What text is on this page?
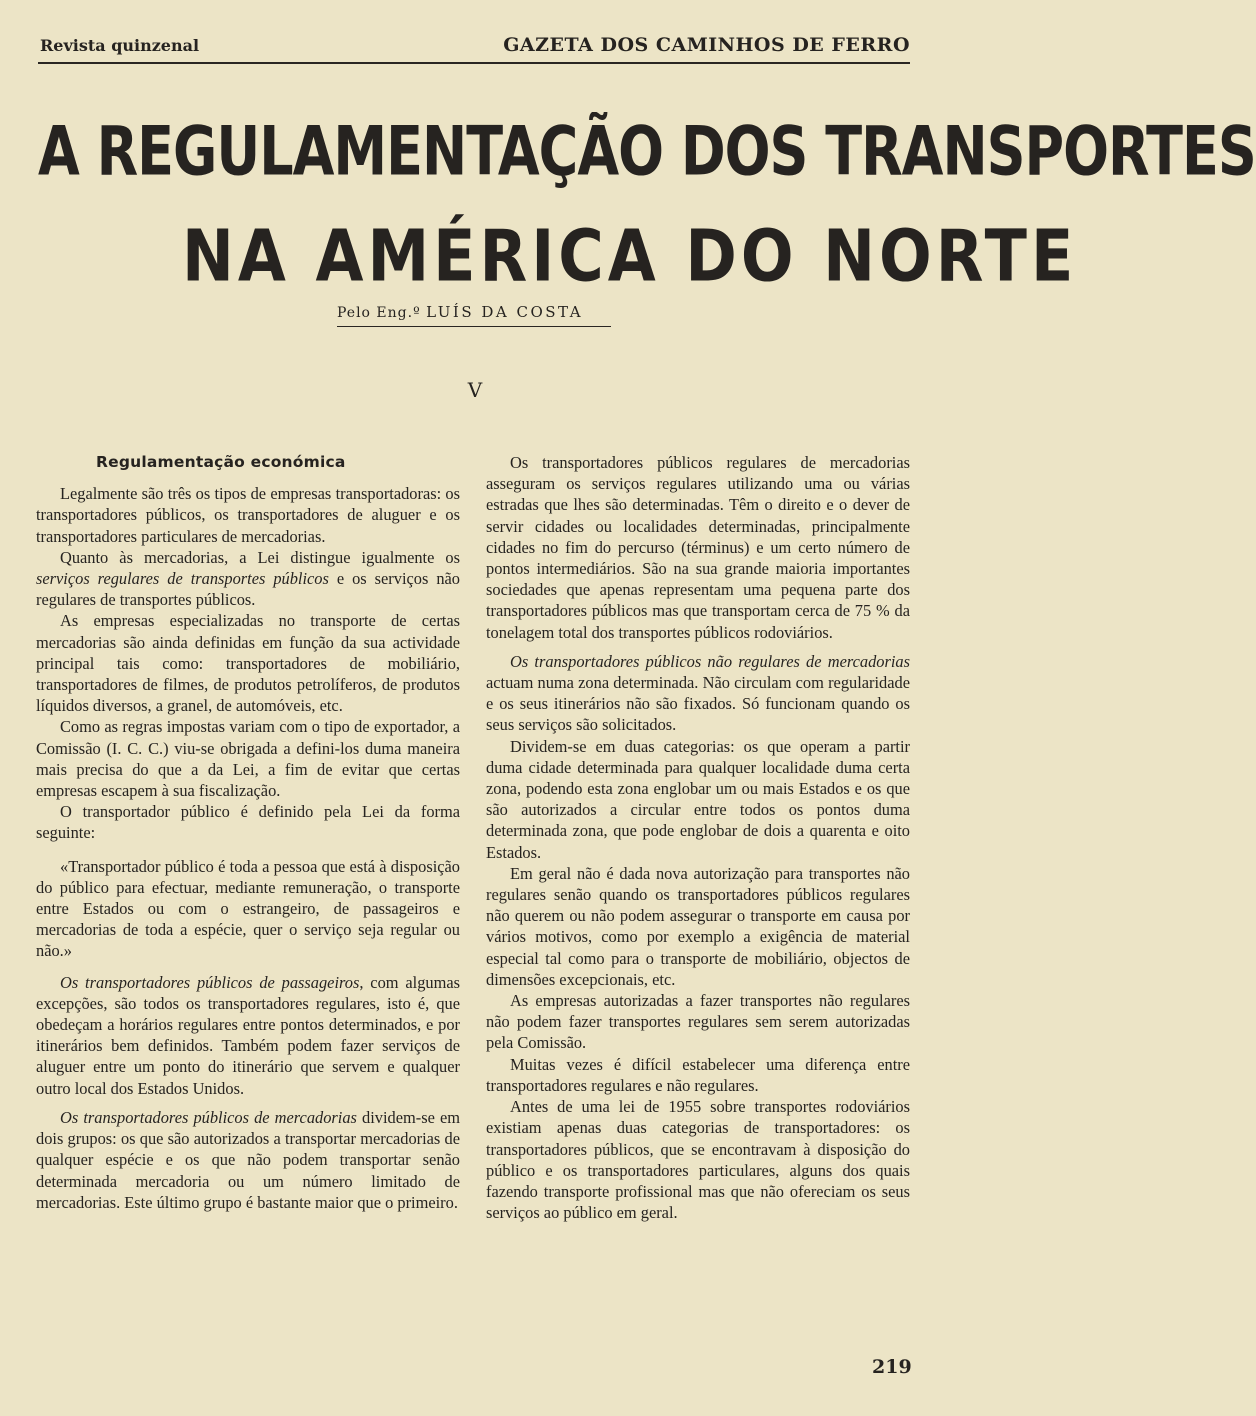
Revista quinzenal	GAZETA DOS CAMINHOS DE FERRO
A REGULAMENTAÇÃO DOS TRANSPORTES
NA AMÉRICA DO NORTE
Pelo Eng.º LUÍS DA COSTA
V
Regulamentação económica

Legalmente são três os tipos de empresas transportadoras: os transportadores públicos, os transportadores de aluguer e os transportadores particulares de mercadorias.

Quanto às mercadorias, a Lei distingue igualmente os serviços regulares de transportes públicos e os serviços não regulares de transportes públicos.

As empresas especializadas no transporte de certas mercadorias são ainda definidas em função da sua actividade principal tais como: transportadores de mobiliário, transportadores de filmes, de produtos petrolíferos, de produtos líquidos diversos, a granel, de automóveis, etc.

Como as regras impostas variam com o tipo de exportador, a Comissão (I. C. C.) viu-se obrigada a defini-los duma maneira mais precisa do que a da Lei, a fim de evitar que certas empresas escapem à sua fiscalização.

O transportador público é definido pela Lei da forma seguinte:

«Transportador público é toda a pessoa que está à disposição do público para efectuar, mediante remuneração, o transporte entre Estados ou com o estrangeiro, de passageiros e mercadorias de toda a espécie, quer o serviço seja regular ou não.»

Os transportadores públicos de passageiros, com algumas excepções, são todos os transportadores regulares, isto é, que obedeçam a horários regulares entre pontos determinados, e por itinerários bem definidos. Também podem fazer serviços de aluguer entre um ponto do itinerário que servem e qualquer outro local dos Estados Unidos.

Os transportadores públicos de mercadorias dividem-se em dois grupos: os que são autorizados a transportar mercadorias de qualquer espécie e os que não podem transportar senão determinada mercadoria ou um número limitado de mercadorias. Este último grupo é bastante maior que o primeiro.

Os transportadores públicos regulares de mercadorias asseguram os serviços regulares utilizando uma ou várias estradas que lhes são determinadas. Têm o direito e o dever de servir cidades ou localidades determinadas, principalmente cidades no fim do percurso (términus) e um certo número de pontos intermediários. São na sua grande maioria importantes sociedades que apenas representam uma pequena parte dos transportadores públicos mas que transportam cerca de 75 % da tonelagem total dos transportes públicos rodoviários.

Os transportadores públicos não regulares de mercadorias actuam numa zona determinada. Não circulam com regularidade e os seus itinerários não são fixados. Só funcionam quando os seus serviços são solicitados.

Dividem-se em duas categorias: os que operam a partir duma cidade determinada para qualquer localidade duma certa zona, podendo esta zona englobar um ou mais Estados e os que são autorizados a circular entre todos os pontos duma determinada zona, que pode englobar de dois a quarenta e oito Estados.

Em geral não é dada nova autorização para transportes não regulares senão quando os transportadores públicos regulares não querem ou não podem assegurar o transporte em causa por vários motivos, como por exemplo a exigência de material especial tal como para o transporte de mobiliário, objectos de dimensões excepcionais, etc.

As empresas autorizadas a fazer transportes não regulares não podem fazer transportes regulares sem serem autorizadas pela Comissão.

Muitas vezes é difícil estabelecer uma diferença entre transportadores regulares e não regulares.

Antes de uma lei de 1955 sobre transportes rodoviários existiam apenas duas categorias de transportadores: os transportadores públicos, que se encontravam à disposição do público e os transportadores particulares, alguns dos quais fazendo transporte profissional mas que não ofereciam os seus serviços ao público em geral.

219
